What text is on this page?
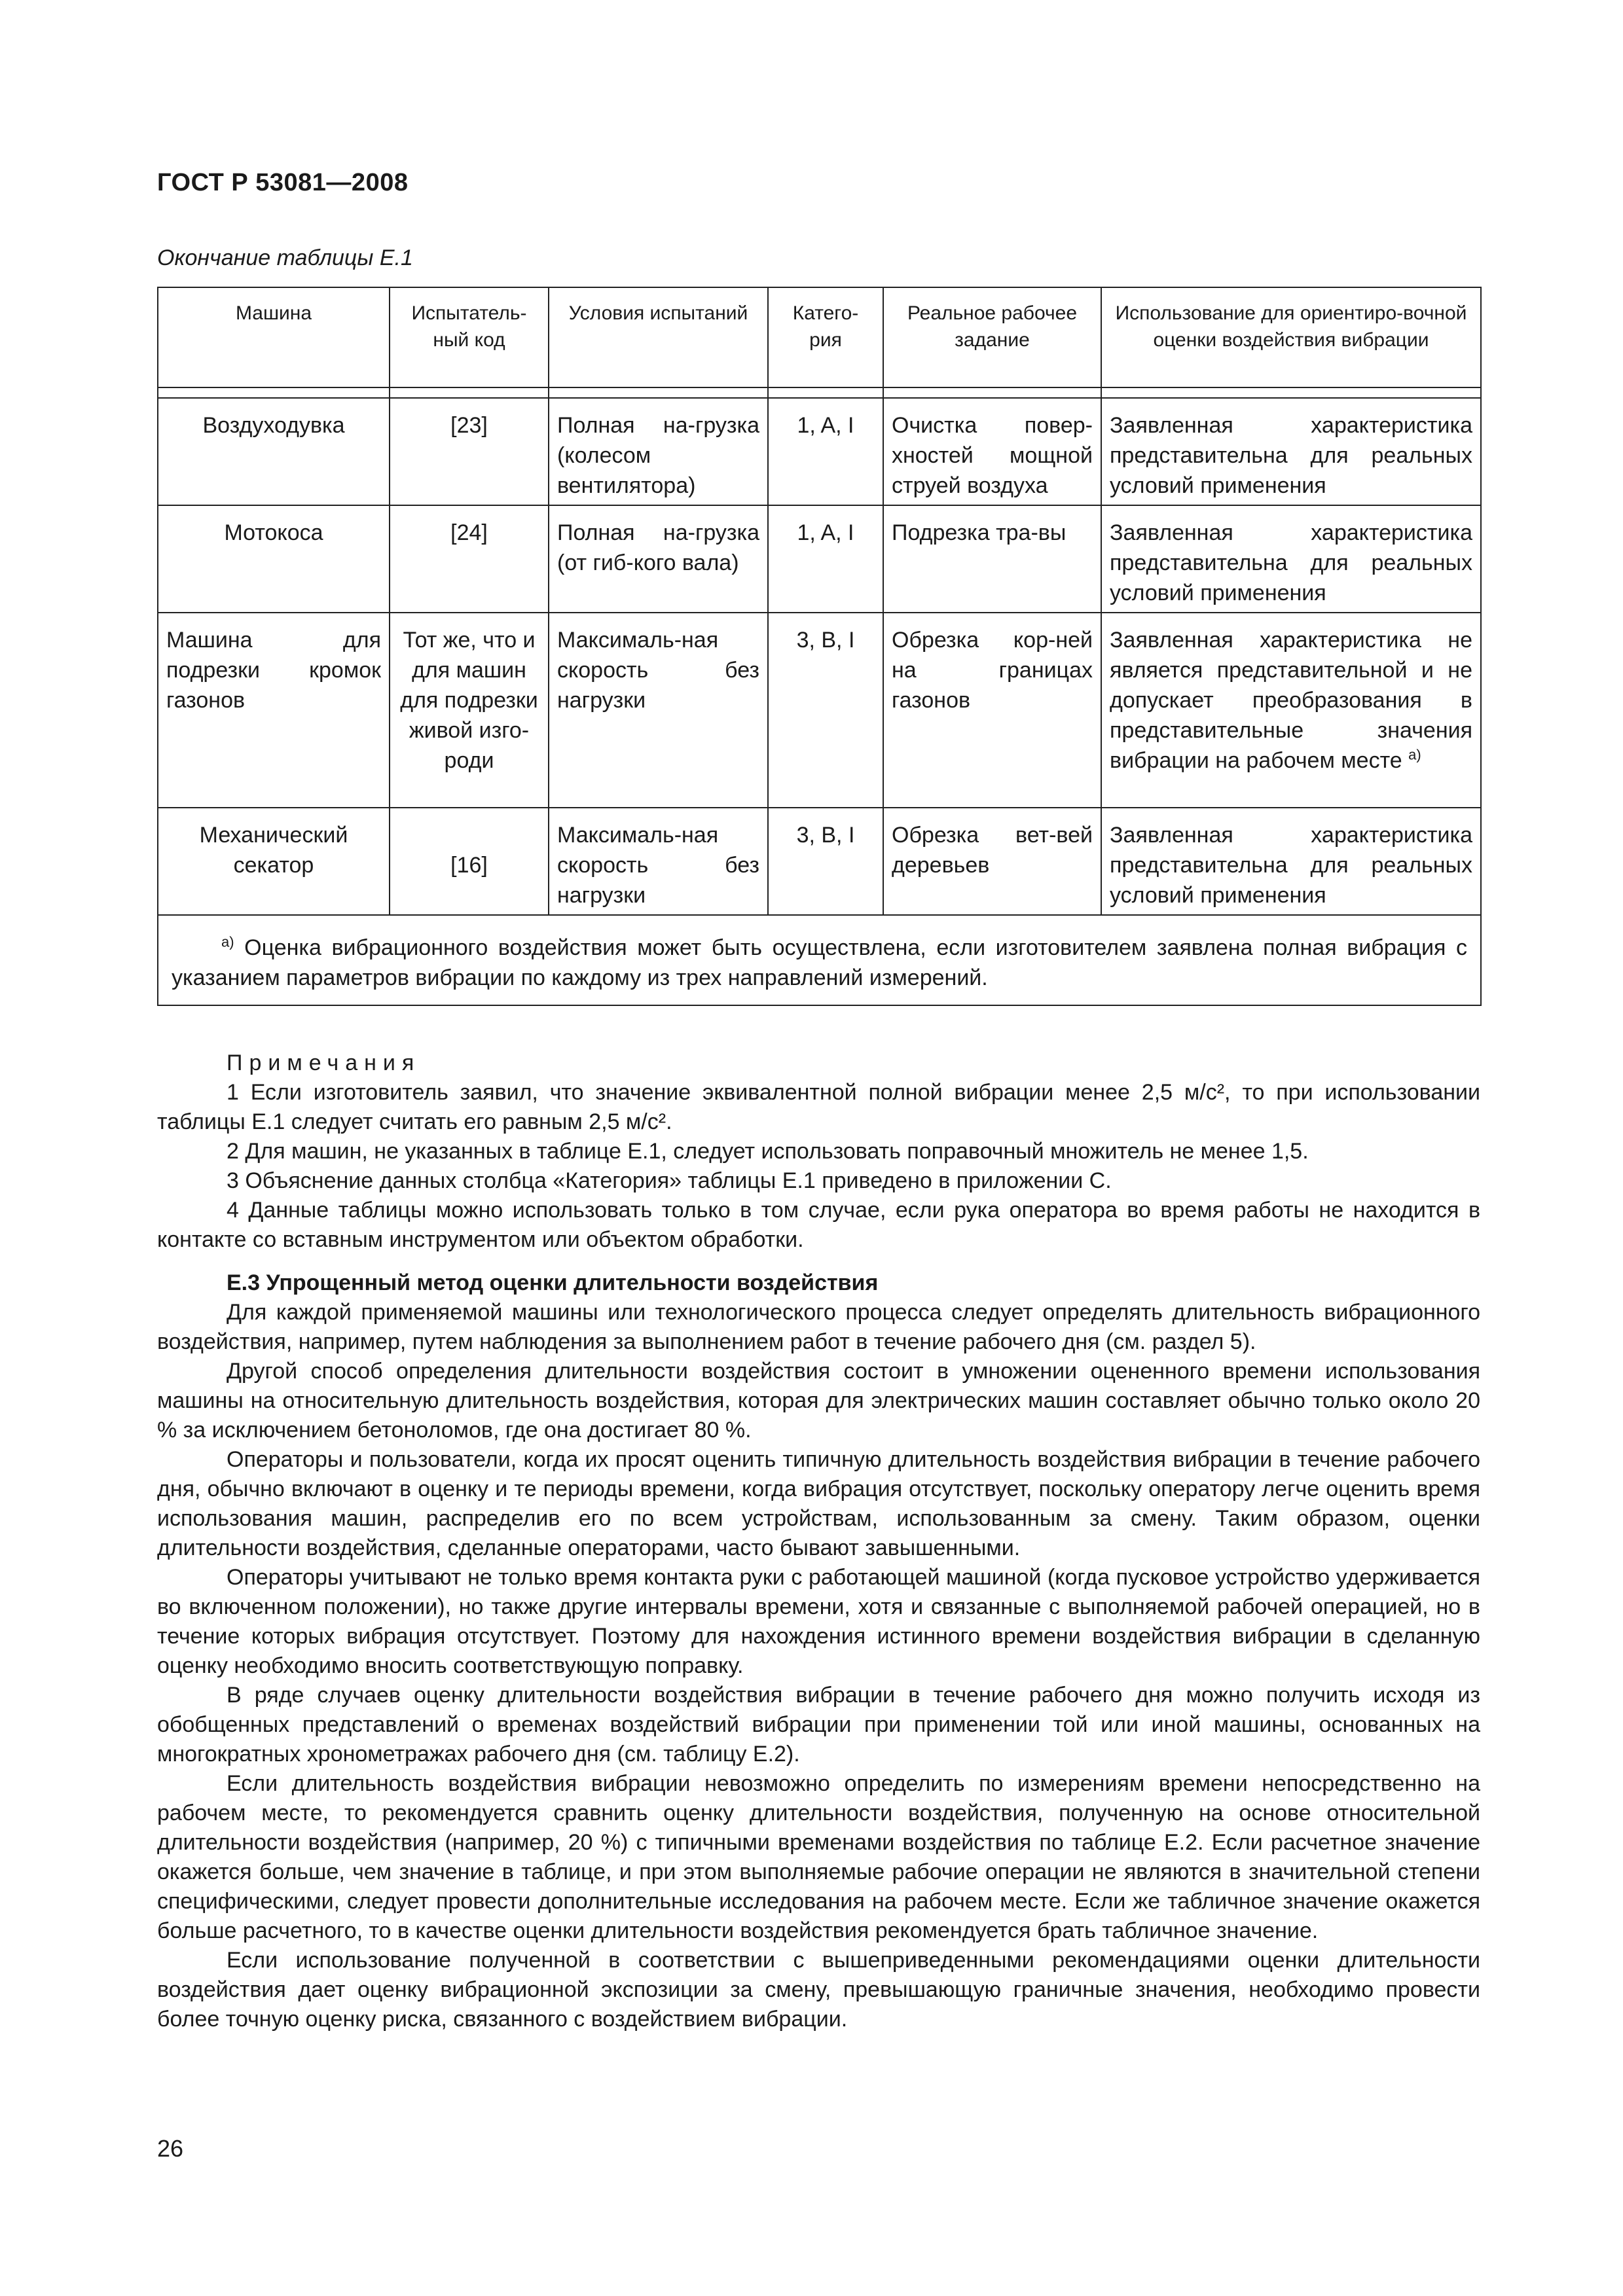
ГОСТ Р 53081—2008
Окончание таблицы Е.1
Машина	Испытатель-ный код	Условия испытаний	Катего-рия	Реальное рабочее задание	Использование для ориентиро-вочной оценки воздействия вибрации

Воздуходувка	[23]	Полная на-грузка (колесом вентилятора)	1, A, I	Очистка повер-хностей мощной струей воздуха	Заявленная характеристика представительна для реальных условий применения
Мотокоса	[24]	Полная на-грузка (от гиб-кого вала)	1, A, I	Подрезка тра-вы	Заявленная характеристика представительна для реальных условий применения
Машина для подрезки кромок газонов	Тот же, что и для машин для подрезки живой изго-роди	Максималь-ная скорость без нагрузки	3, B, I	Обрезка кор-ней на границах газонов	Заявленная характеристика не является представительной и не допускает преобразования в представительные значения вибрации на рабочем месте $^{а)}$
Механический секатор	[16]	Максималь-ная скорость без нагрузки	3, B, I	Обрезка вет-вей деревьев	Заявленная характеристика представительна для реальных условий применения
$^{а)}$ Оценка вибрационного воздействия может быть осуществлена, если изготовителем заявлена полная вибрация с указанием параметров вибрации по каждому из трех направлений измерений.					

Примечания

1 Если изготовитель заявил, что значение эквивалентной полной вибрации менее 2,5 м/с², то при использовании таблицы Е.1 следует считать его равным 2,5 м/с².

2 Для машин, не указанных в таблице Е.1, следует использовать поправочный множитель не менее 1,5.

3 Объяснение данных столбца «Категория» таблицы Е.1 приведено в приложении С.

4 Данные таблицы можно использовать только в том случае, если рука оператора во время работы не находится в контакте со вставным инструментом или объектом обработки.

Е.3 Упрощенный метод оценки длительности воздействия

Для каждой применяемой машины или технологического процесса следует определять длительность вибрационного воздействия, например, путем наблюдения за выполнением работ в течение рабочего дня (см. раздел 5).

Другой способ определения длительности воздействия состоит в умножении оцененного времени использования машины на относительную длительность воздействия, которая для электрических машин составляет обычно только около 20 % за исключением бетоноломов, где она достигает 80 %.

Операторы и пользователи, когда их просят оценить типичную длительность воздействия вибрации в течение рабочего дня, обычно включают в оценку и те периоды времени, когда вибрация отсутствует, поскольку оператору легче оценить время использования машин, распределив его по всем устройствам, использованным за смену. Таким образом, оценки длительности воздействия, сделанные операторами, часто бывают завышенными.

Операторы учитывают не только время контакта руки с работающей машиной (когда пусковое устройство удерживается во включенном положении), но также другие интервалы времени, хотя и связанные с выполняемой рабочей операцией, но в течение которых вибрация отсутствует. Поэтому для нахождения истинного времени воздействия вибрации в сделанную оценку необходимо вносить соответствующую поправку.

В ряде случаев оценку длительности воздействия вибрации в течение рабочего дня можно получить исходя из обобщенных представлений о временах воздействий вибрации при применении той или иной машины, основанных на многократных хронометражах рабочего дня (см. таблицу Е.2).

Если длительность воздействия вибрации невозможно определить по измерениям времени непосредственно на рабочем месте, то рекомендуется сравнить оценку длительности воздействия, полученную на основе относительной длительности воздействия (например, 20 %) с типичными временами воздействия по таблице Е.2. Если расчетное значение окажется больше, чем значение в таблице, и при этом выполняемые рабочие операции не являются в значительной степени специфическими, следует провести дополнительные исследования на рабочем месте. Если же табличное значение окажется больше расчетного, то в качестве оценки длительности воздействия рекомендуется брать табличное значение.

Если использование полученной в соответствии с вышеприведенными рекомендациями оценки длительности воздействия дает оценку вибрационной экспозиции за смену, превышающую граничные значения, необходимо провести более точную оценку риска, связанного с воздействием вибрации.

26
